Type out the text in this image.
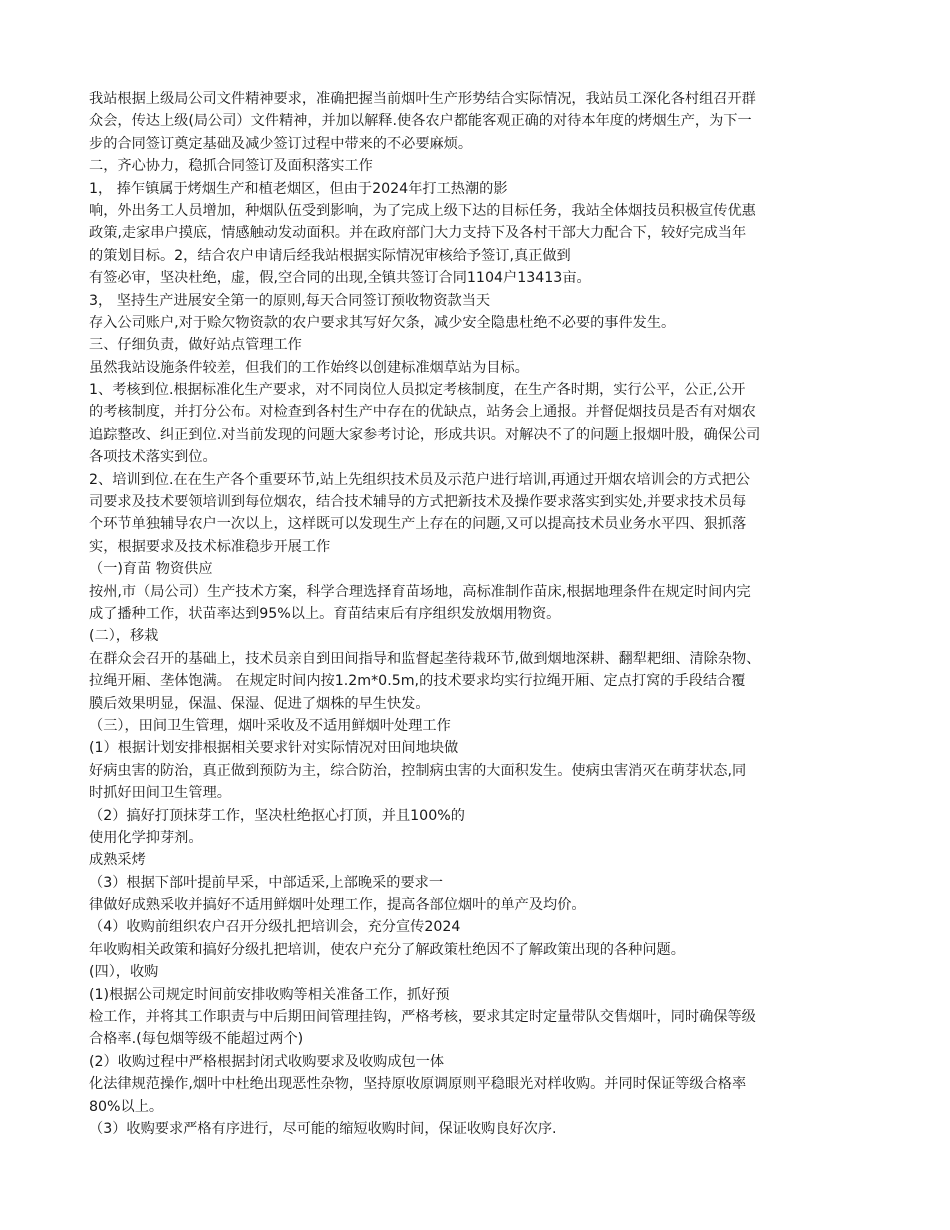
我站根据上级局公司文件精神要求，准确把握当前烟叶生产形势结合实际情况，我站员工深化各村组召开群
众会，传达上级(局公司）文件精神，并加以解释.使各农户都能客观正确的对待本年度的烤烟生产，为下一
步的合同签订奠定基础及减少签订过程中带来的不必要麻烦。
二，齐心协力，稳抓合同签订及面积落实工作
1， 捧乍镇属于烤烟生产和植老烟区，但由于2024年打工热潮的影
响，外出务工人员增加，种烟队伍受到影响，为了完成上级下达的目标任务，我站全体烟技员积极宣传优惠
政策,走家串户摸底，情感触动发动面积。并在政府部门大力支持下及各村干部大力配合下，较好完成当年
的策划目标。2，结合农户申请后经我站根据实际情况审核给予签订,真正做到
有签必审，坚决杜绝，虚，假,空合同的出现,全镇共签订合同1104户13413亩。
3， 坚持生产进展安全第一的原则,每天合同签订预收物资款当天
存入公司账户,对于赊欠物资款的农户要求其写好欠条，减少安全隐患杜绝不必要的事件发生。
三、仔细负责，做好站点管理工作
虽然我站设施条件较差，但我们的工作始终以创建标准烟草站为目标。
1、考核到位.根据标准化生产要求，对不同岗位人员拟定考核制度，在生产各时期，实行公平，公正,公开
的考核制度，并打分公布。对检查到各村生产中存在的优缺点，站务会上通报。并督促烟技员是否有对烟农
追踪整改、纠正到位.对当前发现的问题大家参考讨论，形成共识。对解决不了的问题上报烟叶股，确保公司
各项技术落实到位。
2、培训到位.在在生产各个重要环节,站上先组织技术员及示范户进行培训,再通过开烟农培训会的方式把公
司要求及技术要领培训到每位烟农，结合技术辅导的方式把新技术及操作要求落实到实处,并要求技术员每
个环节单独辅导农户一次以上，这样既可以发现生产上存在的问题,又可以提高技术员业务水平四、狠抓落
实，根据要求及技术标准稳步开展工作
（一)育苗 物资供应
按州,市（局公司）生产技术方案，科学合理选择育苗场地，高标准制作苗床,根据地理条件在规定时间内完
成了播种工作，状苗率达到95%以上。育苗结束后有序组织发放烟用物资。
(二），移栽
在群众会召开的基础上，技术员亲自到田间指导和监督起垄待栽环节,做到烟地深耕、翻犁耙细、清除杂物、
拉绳开厢、垄体饱满。 在规定时间内按1.2m*0.5m,的技术要求均实行拉绳开厢、定点打窝的手段结合覆
膜后效果明显，保温、保湿、促进了烟株的早生快发。
（三），田间卫生管理，烟叶采收及不适用鲜烟叶处理工作
(1）根据计划安排根据相关要求针对实际情况对田间地块做
好病虫害的防治，真正做到预防为主，综合防治，控制病虫害的大面积发生。使病虫害消灭在萌芽状态,同
时抓好田间卫生管理。
（2）搞好打顶抹芽工作，坚决杜绝抠心打顶，并且100%的
使用化学抑芽剂。
成熟采烤
（3）根据下部叶提前早采，中部适采,上部晚采的要求一
律做好成熟采收并搞好不适用鲜烟叶处理工作，提高各部位烟叶的单产及均价。
（4）收购前组织农户召开分级扎把培训会，充分宣传2024
年收购相关政策和搞好分级扎把培训，使农户充分了解政策杜绝因不了解政策出现的各种问题。
(四），收购
(1)根据公司规定时间前安排收购等相关准备工作，抓好预
检工作，并将其工作职责与中后期田间管理挂钩，严格考核，要求其定时定量带队交售烟叶，同时确保等级
合格率.(每包烟等级不能超过两个)
(2）收购过程中严格根据封闭式收购要求及收购成包一体
化法律规范操作,烟叶中杜绝出现恶性杂物，坚持原收原调原则平稳眼光对样收购。并同时保证等级合格率
80%以上。
（3）收购要求严格有序进行，尽可能的缩短收购时间，保证收购良好次序.
